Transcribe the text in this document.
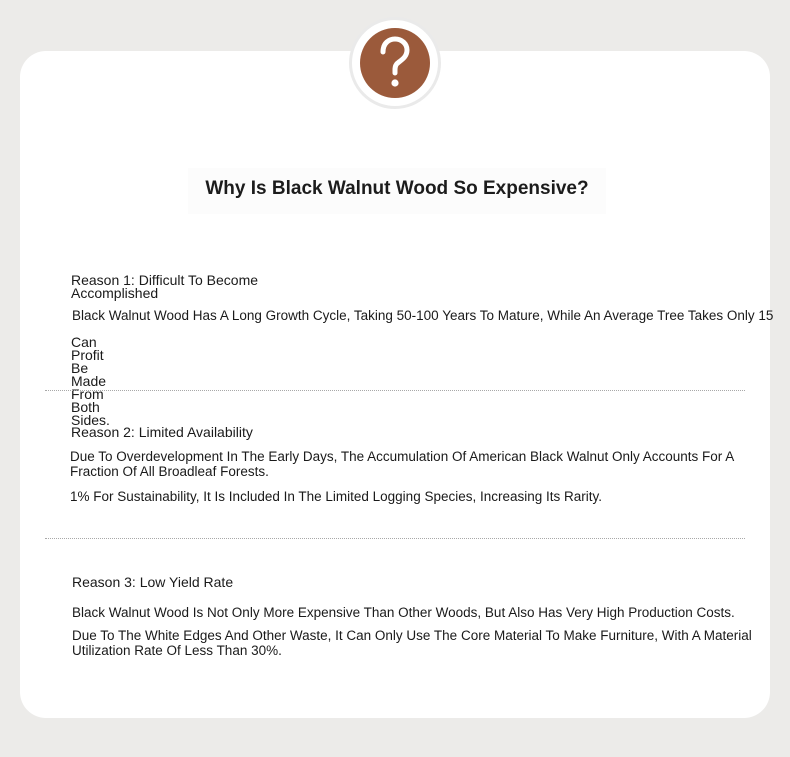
Why Is Black Walnut Wood So Expensive?
Reason 1: Difficult To Become
Accomplished

Black Walnut Wood Has A Long Growth Cycle, Taking 50-100 Years To Mature, While An Average Tree Takes Only 15

Can Profit Be Made From
Both Sides.
Reason 2: Limited Availability
Due To Overdevelopment In The Early Days, The Accumulation Of American Black Walnut Only Accounts For A
Fraction Of All Broadleaf Forests.

1% For Sustainability, It Is Included In The Limited Logging Species, Increasing Its Rarity.

Reason 3: Low Yield Rate

Black Walnut Wood Is Not Only More Expensive Than Other Woods, But Also Has Very High Production Costs.

Due To The White Edges And Other Waste, It Can Only Use The Core Material To Make Furniture, With A Material
Utilization Rate Of Less Than 30%.
